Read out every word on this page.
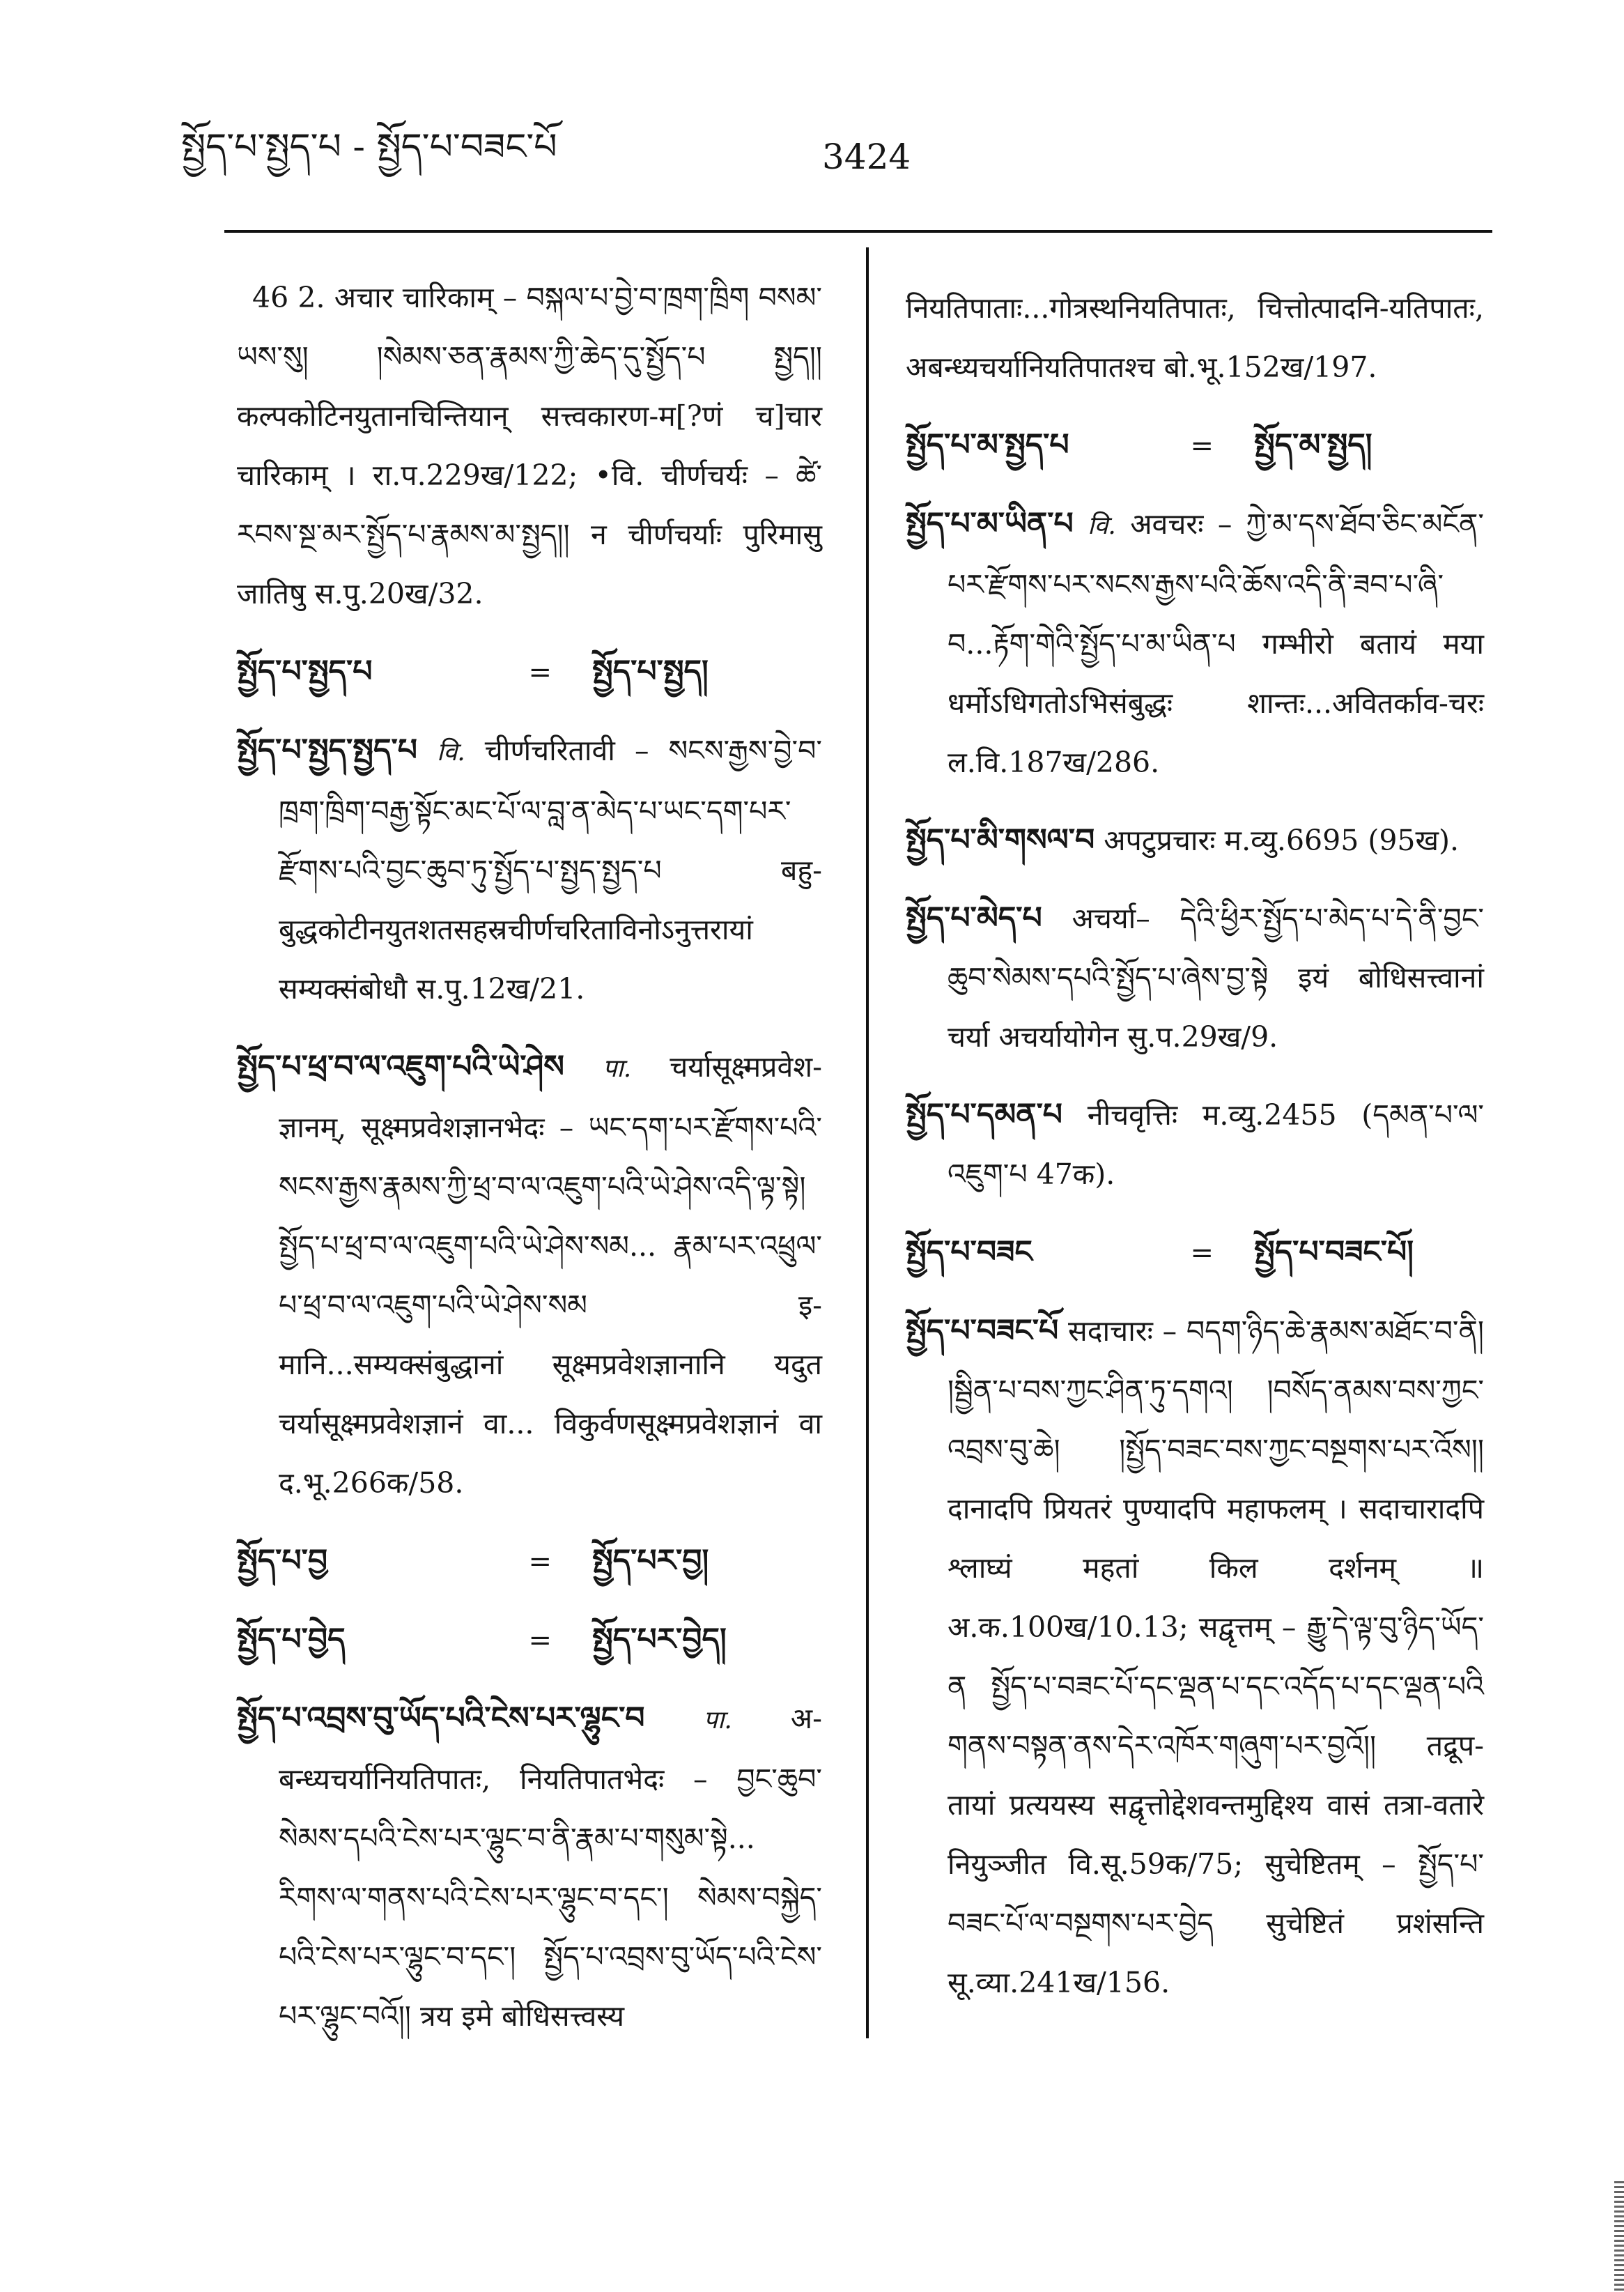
སྤྱོད་པ་སྤྱད་པ - སྤྱོད་པ་བཟང་པོ	3424
46 2. अचार चारिकाम् – བསྐལ་པ་བྱེ་བ་ཁྲག་ཁྲིག བསམ་ཡས་སུ། །སེམས་ཅན་རྣམས་ཀྱི་ཆེད་དུ་སྤྱོད་པ སྤྱད།། कल्पकोटिनयुतानचिन्तियान् सत्त्वकारण-म[?णं च]चार चारिकाम् । रा.प.229ख/122; •वि. चीर्णचर्यः – ཚེ་རབས་སྔ་མར་སྤྱོད་པ་རྣམས་མ་སྤྱད།། न चीर्णचर्याः पुरिमासु जातिषु स.पु.20ख/32.
སྤྱོད་པ་སྤྱད་པ	= སྤྱོད་པ་སྤྱད།
སྤྱོད་པ་སྤྱད་སྤྱད་པ वि. चीर्णचरितावी – སངས་རྒྱས་བྱེ་བ་ཁྲག་ཁྲིག་བརྒྱ་སྟོང་མང་པོ་ལ་བླ་ན་མེད་པ་ཡང་དག་པར་རྫོགས་པའི་བྱང་ཆུབ་ཏུ་སྤྱོད་པ་སྤྱད་སྤྱད་པ बहु-बुद्धकोटीनयुतशतसहस्रचीर्णचरिताविनोऽनुत्तरायां सम्यक्संबोधौ स.पु.12ख/21.
སྤྱོད་པ་ཕྲ་བ་ལ་འཇུག་པའི་ཡེ་ཤེས पा. चर्यासूक्ष्मप्रवेश-ज्ञानम्, सूक्ष्मप्रवेशज्ञानभेदः – ཡང་དག་པར་རྫོགས་པའི་སངས་རྒྱས་རྣམས་ཀྱི་ཕྲ་བ་ལ་འཇུག་པའི་ཡེ་ཤེས་འདི་ལྟ་སྟེ། སྤྱོད་པ་ཕྲ་བ་ལ་འཇུག་པའི་ཡེ་ཤེས་སམ... རྣམ་པར་འཕྲུལ་པ་ཕྲ་བ་ལ་འཇུག་པའི་ཡེ་ཤེས་སམ इ-मानि...सम्यक्संबुद्धानां सूक्ष्मप्रवेशज्ञानानि यदुत चर्यासूक्ष्मप्रवेशज्ञानं वा... विकुर्वणसूक्ष्मप्रवेशज्ञानं वा द.भू.266क/58.
སྤྱོད་པ་བྱ	= སྤྱོད་པར་བྱ།
སྤྱོད་པ་བྱེད	= སྤྱོད་པར་བྱེད།
སྤྱོད་པ་འབྲས་བུ་ཡོད་པའི་ངེས་པར་ལྷུང་བ पा. अ-बन्ध्यचर्यानियतिपातः, नियतिपातभेदः – བྱང་ཆུབ་སེམས་དཔའི་ངེས་པར་ལྷུང་བ་ནི་རྣམ་པ་གསུམ་སྟེ... རིགས་ལ་གནས་པའི་ངེས་པར་ལྷུང་བ་དང་། སེམས་བསྐྱེད་པའི་ངེས་པར་ལྷུང་བ་དང་། སྤྱོད་པ་འབྲས་བུ་ཡོད་པའི་ངེས་པར་ལྷུང་བའོ།། त्रय इमे बोधिसत्त्वस्य
नियतिपाताः...गोत्रस्थनियतिपातः, चित्तोत्पादनि-यतिपातः, अबन्ध्यचर्यानियतिपातश्च बो.भू.152ख/197.
སྤྱོད་པ་མ་སྤྱད་པ	= སྤྱོད་མ་སྤྱད།
སྤྱོད་པ་མ་ཡིན་པ वि. अवचरः – ཀྱེ་མ་དས་ཐོབ་ཅིང་མངོན་པར་རྫོགས་པར་སངས་རྒྱས་པའི་ཆོས་འདི་ནི་ཟབ་པ་ཞི་བ...རྟོག་གེའི་སྤྱོད་པ་མ་ཡིན་པ गम्भीरो बतायं मया धर्मोऽधिगतोऽभिसंबुद्धः शान्तः...अवितर्काव-चरः ल.वि.187ख/286.
སྤྱོད་པ་མི་གསལ་བ अपटुप्रचारः म.व्यु.6695 (95ख).
སྤྱོད་པ་མེད་པ अचर्या– དེའི་ཕྱིར་སྤྱོད་པ་མེད་པ་དེ་ནི་བྱང་ཆུབ་སེམས་དཔའི་སྤྱོད་པ་ཞེས་བྱ་སྟེ इयं बोधिसत्त्वानां चर्या अचर्यायोगेन सु.प.29ख/9.
སྤྱོད་པ་དམན་པ नीचवृत्तिः म.व्यु.2455 (དམན་པ་ལ་འཇུག་པ 47क).
སྤྱོད་པ་བཟང	= སྤྱོད་པ་བཟང་པོ།
སྤྱོད་པ་བཟང་པོ सदाचारः – བདག་ཉིད་ཆེ་རྣམས་མཐོང་བ་ནི། །སྦྱིན་པ་བས་ཀྱང་ཤིན་ཏུ་དགའ། །བསོད་ནམས་བས་ཀྱང་འབྲས་བུ་ཆེ། །སྤྱོད་བཟང་བས་ཀྱང་བསྔགས་པར་འོས།། दानादपि प्रियतरं पुण्यादपि महाफलम् । सदाचारादपि श्लाघ्यं महतां किल दर्शनम् ॥ अ.क.100ख/10.13; सद्वृत्तम् – རྒྱུ་དེ་ལྟ་བུ་ཉིད་ཡོད་ན སྤྱོད་པ་བཟང་པོ་དང་ལྡན་པ་དང་འདོད་པ་དང་ལྡན་པའི གནས་བསྟན་ནས་དེར་འཁོར་གཞུག་པར་བྱའོ།། तद्रूप-तायां प्रत्ययस्य सद्वृत्तोद्देशवन्तमुद्दिश्य वासं तत्रा-वतारे नियुञ्जीत वि.सू.59क/75; सुचेष्टितम् – སྤྱོད་པ་བཟང་པོ་ལ་བསྔགས་པར་བྱེད सुचेष्टितं प्रशंसन्ति सू.व्या.241ख/156.
